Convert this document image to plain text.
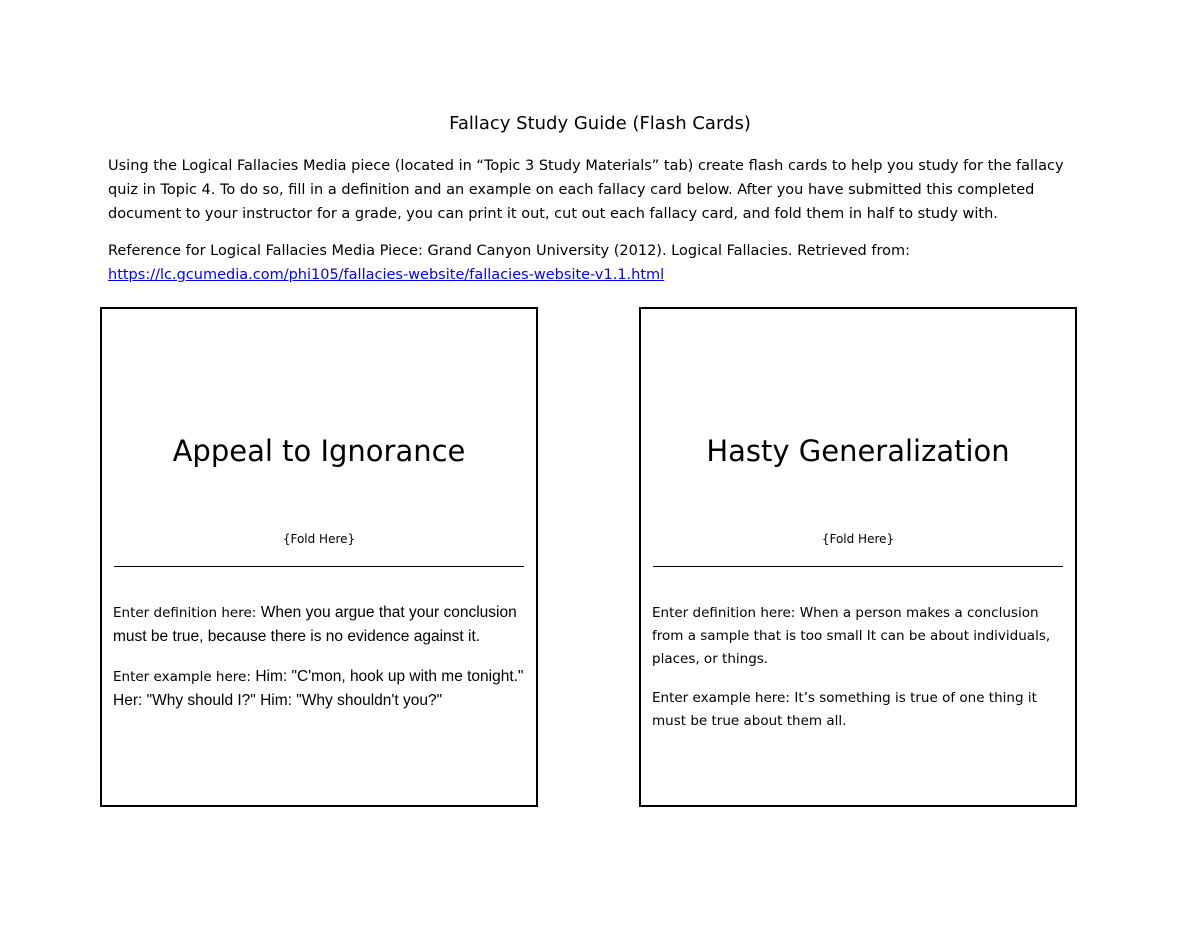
Fallacy Study Guide (Flash Cards)

Using the Logical Fallacies Media piece (located in “Topic 3 Study Materials” tab) create flash cards to help you study for the fallacy quiz in Topic 4. To do so, fill in a definition and an example on each fallacy card below. After you have submitted this completed document to your instructor for a grade, you can print it out, cut out each fallacy card, and fold them in half to study with.

Reference for Logical Fallacies Media Piece: Grand Canyon University (2012). Logical Fallacies. Retrieved from:
https://lc.gcumedia.com/phi105/fallacies-website/fallacies-website-v1.1.html

Appeal to Ignorance
{Fold Here}

Enter definition here: When you argue that your conclusion must be true, because there is no evidence against it.

Enter example here: Him: "C'mon, hook up with me tonight." Her: "Why should I?" Him: "Why shouldn't you?"

Hasty Generalization
{Fold Here}

Enter definition here: When a person makes a conclusion from a sample that is too small It can be about individuals, places, or things.

Enter example here: It’s something is true of one thing it must be true about them all.
